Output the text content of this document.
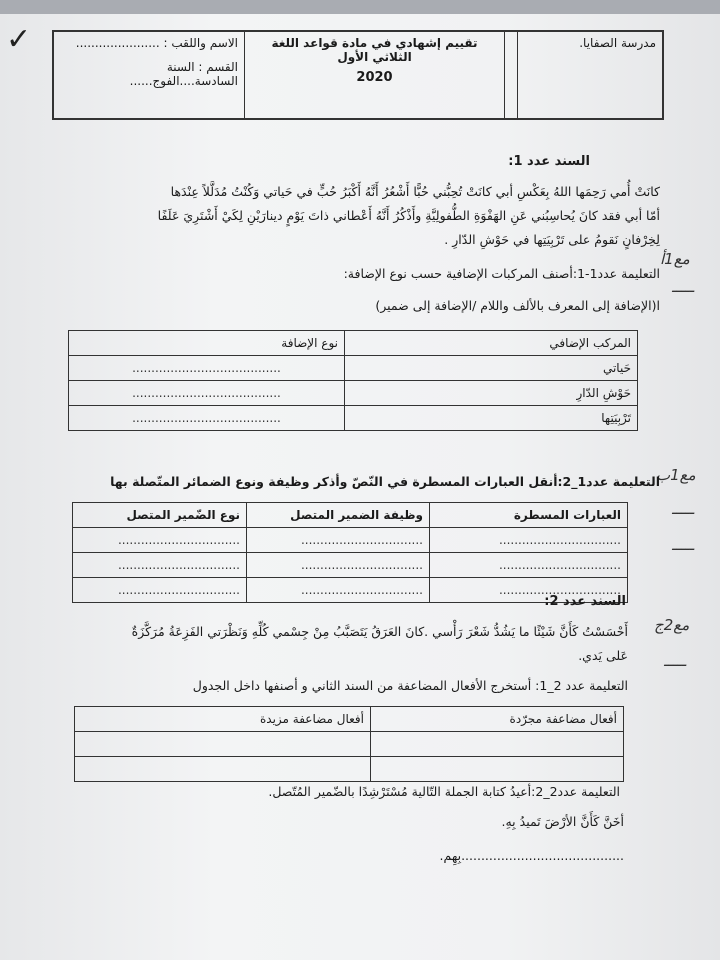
✓	مدرسة الصفايا.
تقييم إشهادي في مادة قواعد اللغة الثلاثي الأول
2020
الاسم واللقب : ......................
القسم : السنة السادسة....الفوج......
السند عدد 1:
كانَتْ أُمي رَحِمَها اللهُ بِعَكْسِ أبي كانَتْ تُحِبُّني حُبًّا أَشْعُرُ أَنَّهُ أَكْبَرُ حُبٍّ في حَياتي وَكُنْتُ مُدَلَّلاً عِنْدَها
أمّا أبي فقد كانَ يُحاسِبُني عَنِ الهَفْوَةِ الطُّفولِيَّةِ وأَذْكُرُ أَنَّهُ أَعْطاني ذاتَ يَوْمٍ دينارَيْنِ لِكَيْ أَشْتَرِيَ عَلَفًا
لِخِرْفانٍ نَقومُ على تَرْبِيَتِها في حَوْشِ الدّارِ .
مع1أ
ـــــ
التعليمة عدد1-1:أصنف المركبات الإضافية حسب نوع الإضافة:
ا(الإضافة إلى المعرف بالألف واللام /الإضافة إلى ضمير)
المركب الإضافي	نوع الإضافة
حَياتي	.......................................
حَوْشِ الدّارِ	.......................................
تَرْبِيَتِها	.......................................
مع1ب
ـــــ
ـــــ
التعليمة عدد1_2:أنقل العبارات المسطرة في النّصّ وأذكر وظيفة ونوع الضمائر المتّصلة بها
العبارات المسطرة	وظيفة الضمير المتصل	نوع الضّمير المتصل
................................	................................	................................
................................	................................	................................
................................	................................	................................
السند عدد 2:
أَحْسَسْتُ كَأَنَّ شَيْئًا ما يَشُدُّ شَعْرَ رَأْسي .كانَ العَرَقُ يَتَصَبَّبُ مِنْ جِسْمي كُلِّهِ وَنَظْرَتي الفَزِعَةُ مُرَكَّزَةٌ
عَلى يَدي.
مع2ج
ـــــ
التعليمة عدد 2_1: أستخرج الأفعال المضاعفة من السند الثاني و أصنفها داخل الجدول
أفعال مضاعفة مجرّدة	أفعال مضاعفة مزيدة

التعليمة عدد2_2:أعيدُ كتابة الجملة التّالية مُسْتَرْشِدًا بالضّمير المُتّصل.
أخَنَّ كَأَنَّ الأرْضَ تَميدُ بِهِ.
.........................................بِهِم.
